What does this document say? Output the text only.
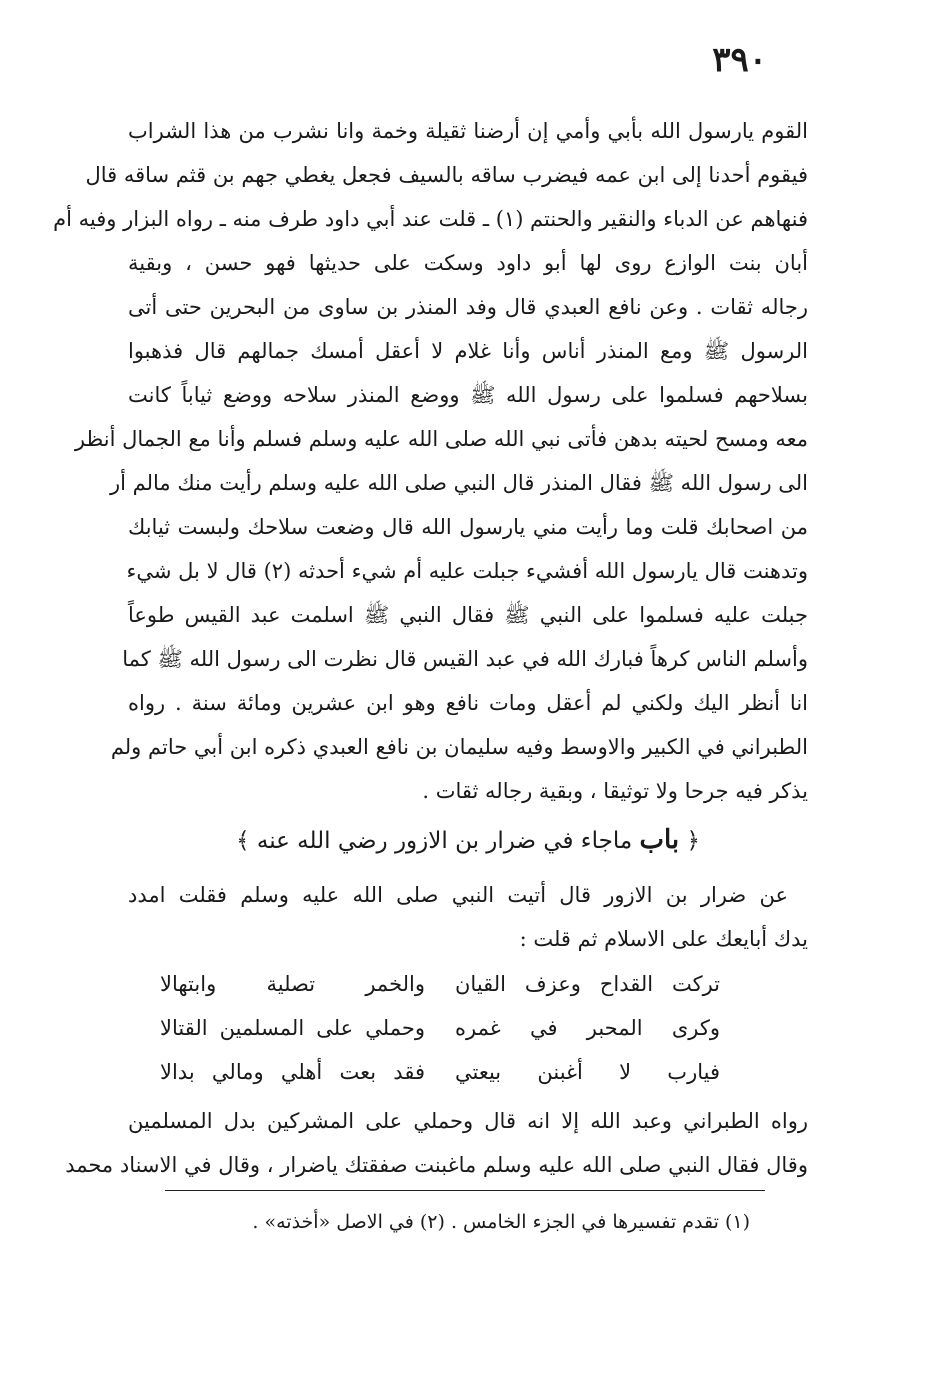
٣٩٠
القوم يارسول الله بأبي وأمي إن أرضنا ثقيلة وخمة وانا نشرب من هذا الشراب
فيقوم أحدنا إلى ابن عمه فيضرب ساقه بالسيف فجعل يغطي جهم بن قثم ساقه قال
فنهاهم عن الدباء والنقير والحنتم (١) ـ قلت عند أبي داود طرف منه ـ رواه البزار وفيه أم
أبان بنت الوازع روى لها أبو داود وسكت على حديثها فهو حسن ، وبقية
رجاله ثقات . وعن نافع العبدي قال وفد المنذر بن ساوى من البحرين حتى أتى
الرسول ﷺ ومع المنذر أناس وأنا غلام لا أعقل أمسك جمالهم قال فذهبوا
بسلاحهم فسلموا على رسول الله ﷺ ووضع المنذر سلاحه ووضع ثياباً كانت
معه ومسح لحيته بدهن فأتى نبي الله صلى الله عليه وسلم فسلم وأنا مع الجمال أنظر
الى رسول الله ﷺ فقال المنذر قال النبي صلى الله عليه وسلم رأيت منك مالم أر
من اصحابك قلت وما رأيت مني يارسول الله قال وضعت سلاحك ولبست ثيابك
وتدهنت قال يارسول الله أفشيء جبلت عليه أم شيء أحدثه (٢) قال لا بل شيء
جبلت عليه فسلموا على النبي ﷺ فقال النبي ﷺ اسلمت عبد القيس طوعاً
وأسلم الناس كرهاً فبارك الله في عبد القيس قال نظرت الى رسول الله ﷺ كما
انا أنظر اليك ولكني لم أعقل ومات نافع وهو ابن عشرين ومائة سنة . رواه
الطبراني في الكبير والاوسط وفيه سليمان بن نافع العبدي ذكره ابن أبي حاتم ولم
يذكر فيه جرحا ولا توثيقا ، وبقية رجاله ثقات .
﴿ باب ماجاء في ضرار بن الازور رضي الله عنه ﴾
عن ضرار بن الازور قال أتيت النبي صلى الله عليه وسلم فقلت امدد
يدك أبايعك على الاسلام ثم قلت :
تركت القداح وعزف القيان
والخمر تصلية وابتهالا
وكرى المحبر في غمره
وحملي على المسلمين القتالا
فيارب لا أغبنن بيعتي
فقد بعت أهلي ومالي بدالا
رواه الطبراني وعبد الله إلا انه قال وحملي على المشركين بدل المسلمين
وقال فقال النبي صلى الله عليه وسلم ماغبنت صفقتك ياضرار ، وقال في الاسناد محمد
(١) تقدم تفسيرها في الجزء الخامس . (٢) في الاصل «أخذته» .
